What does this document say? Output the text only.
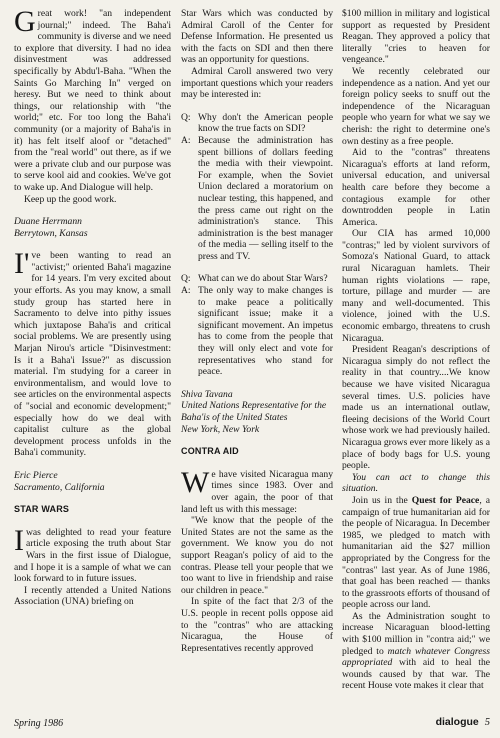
Great work! "an independent journal;" indeed. The Baha'i community is diverse and we need to explore that diversity. I had no idea disinvestment was addressed specifically by Abdu'l-Baha. "When the Saints Go Marching In" verged on heresy. But we need to think about things, our relationship with "the world;" etc. For too long the Baha'i community (or a majority of Baha'is in it) has felt itself aloof or "detached" from the "real world" out there, as if we were a private club and our purpose was to serve kool aid and cookies. We've got to wake up. And Dialogue will help.

Keep up the good work.

Duane Herrmann
Berrytown, Kansas

I've been wanting to read an "activist;" oriented Baha'i magazine for 14 years. I'm very excited about your efforts. As you may know, a small study group has started here in Sacramento to delve into pithy issues which juxtapose Baha'is and critical social problems. We are presently using Marjan Nirou's article "Disinvestment: Is it a Baha'i Issue?" as discussion material. I'm studying for a career in environmentalism, and would love to see articles on the environmental aspects of "social and economic development;" especially how do we deal with capitalist culture as the global development process unfolds in the Baha'i community.

Eric Pierce
Sacramento, California
STAR WARS

Iwas delighted to read your feature article exposing the truth about Star Wars in the first issue of Dialogue, and I hope it is a sample of what we can look forward to in future issues.

I recently attended a United Nations Association (UNA) briefing on

Star Wars which was conducted by Admiral Caroll of the Center for Defense Information. He presented us with the facts on SDI and then there was an opportunity for questions.

Admiral Caroll answered two very important questions which your readers may be interested in:

Q: Why don't the American people know the true facts on SDI?
A: Because the administration has spent billions of dollars feeding the media with their viewpoint. For example, when the Soviet Union declared a moratorium on nuclear testing, this happened, and the press came out right on the administration's stance. This administration is the best manager of the media — selling itself to the press and TV.
Q: What can we do about Star Wars?
A: The only way to make changes is to make peace a politically significant issue; make it a significant movement. An impetus has to come from the people that they will only elect and vote for representatives who stand for peace.
Shiva Tavana
United Nations Representative for the Baha'is of the United States
New York, New York
CONTRA AID

We have visited Nicaragua many times since 1983. Over and over again, the poor of that land left us with this message:

"We know that the people of the United States are not the same as the government. We know you do not support Reagan's policy of aid to the contras. Please tell your people that we too want to live in friendship and raise our children in peace."

In spite of the fact that 2/3 of the U.S. people in recent polls oppose aid to the "contras" who are attacking Nicaragua, the House of Representatives recently approved

$100 million in military and logistical support as requested by President Reagan. They approved a policy that literally "cries to heaven for vengeance."

We recently celebrated our independence as a nation. And yet our foreign policy seeks to snuff out the independence of the Nicaraguan people who yearn for what we say we cherish: the right to determine one's own destiny as a free people.

Aid to the "contras" threatens Nicaragua's efforts at land reform, universal education, and universal health care before they become a contagious example for other downtrodden people in Latin America.

Our CIA has armed 10,000 "contras;" led by violent survivors of Somoza's National Guard, to attack rural Nicaraguan hamlets. Their human rights violations — rape, torture, pillage and murder — are many and well-documented. This violence, joined with the U.S. economic embargo, threatens to crush Nicaragua.

President Reagan's descriptions of Nicaragua simply do not reflect the reality in that country....We know because we have visited Nicaragua several times. U.S. policies have made us an international outlaw, fleeing decisions of the World Court whose work we had previously hailed. Nicaragua grows ever more likely as a place of body bags for U.S. young people.

You can act to change this situation.

Join us in the Quest for Peace, a campaign of true humanitarian aid for the people of Nicaragua. In December 1985, we pledged to match with humanitarian aid the $27 million appropriated by the Congress for the "contras" last year. As of June 1986, that goal has been reached — thanks to the grassroots efforts of thousand of people across our land.

As the Administration sought to increase Nicaraguan blood-letting with $100 million in "contra aid;" we pledged to match whatever Congress appropriated with aid to heal the wounds caused by that war. The recent House vote makes it clear that

Spring 1986	dialogue 5
